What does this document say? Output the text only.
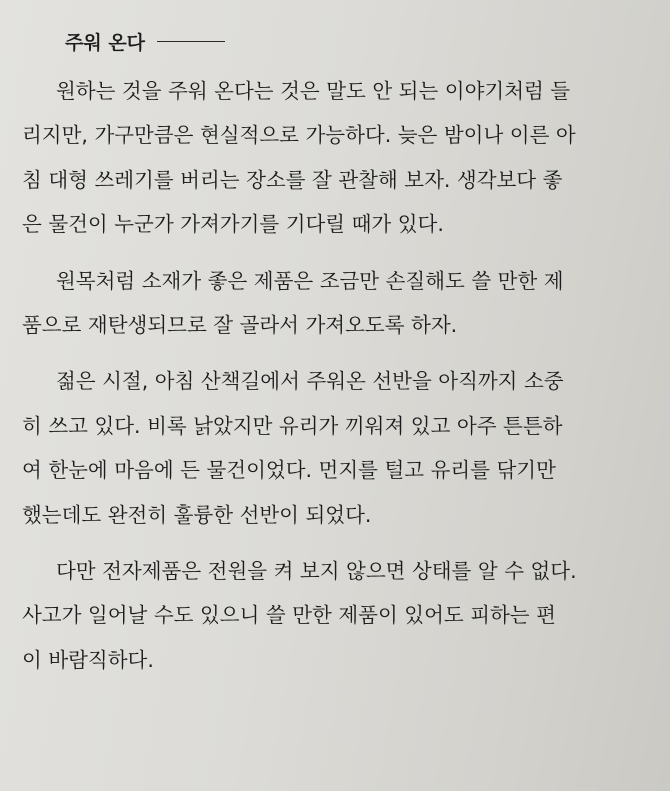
주워 온다

원하는 것을 주워 온다는 것은 말도 안 되는 이야기처럼 들
리지만, 가구만큼은 현실적으로 가능하다. 늦은 밤이나 이른 아
침 대형 쓰레기를 버리는 장소를 잘 관찰해 보자. 생각보다 좋
은 물건이 누군가 가져가기를 기다릴 때가 있다.

원목처럼 소재가 좋은 제품은 조금만 손질해도 쓸 만한 제
품으로 재탄생되므로 잘 골라서 가져오도록 하자.

젊은 시절, 아침 산책길에서 주워온 선반을 아직까지 소중
히 쓰고 있다. 비록 낡았지만 유리가 끼워져 있고 아주 튼튼하
여 한눈에 마음에 든 물건이었다. 먼지를 털고 유리를 닦기만
했는데도 완전히 훌륭한 선반이 되었다.

다만 전자제품은 전원을 켜 보지 않으면 상태를 알 수 없다.
사고가 일어날 수도 있으니 쓸 만한 제품이 있어도 피하는 편
이 바람직하다.
